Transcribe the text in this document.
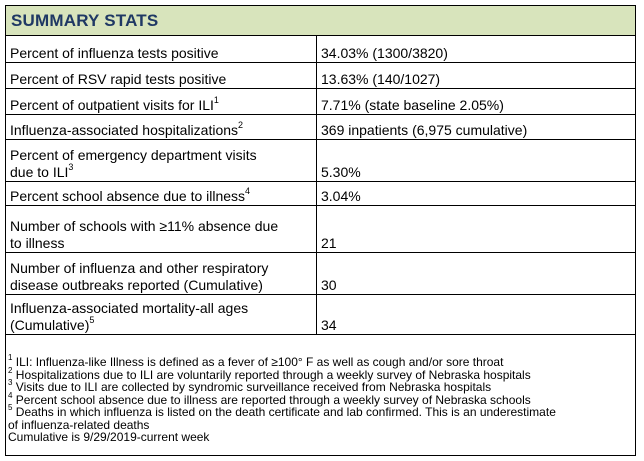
SUMMARY STATS
Percent of influenza tests positive	34.03% (1300/3820)
Percent of RSV rapid tests positive	13.63% (140/1027)
Percent of outpatient visits for ILI$^1$	7.71% (state baseline 2.05%)
Influenza-associated hospitalizations$^2$	369 inpatients (6,975 cumulative)
Percent of emergency department visits
due to ILI$^3$	5.30%
Percent school absence due to illness$^4$	3.04%
Number of schools with ≥11% absence due
to illness	21
Number of influenza and other respiratory
disease outbreaks reported (Cumulative)	30
Influenza-associated mortality-all ages
(Cumulative)$^5$	34
$^1$ ILI: Influenza-like Illness is defined as a fever of ≥100° F as well as cough and/or sore throat
$^2$ Hospitalizations due to ILI are voluntarily reported through a weekly survey of Nebraska hospitals
$^3$ Visits due to ILI are collected by syndromic surveillance received from Nebraska hospitals
$^4$ Percent school absence due to illness are reported through a weekly survey of Nebraska schools
$^5$ Deaths in which influenza is listed on the death certificate and lab confirmed. This is an underestimate
of influenza-related deaths
Cumulative is 9/29/2019-current week
